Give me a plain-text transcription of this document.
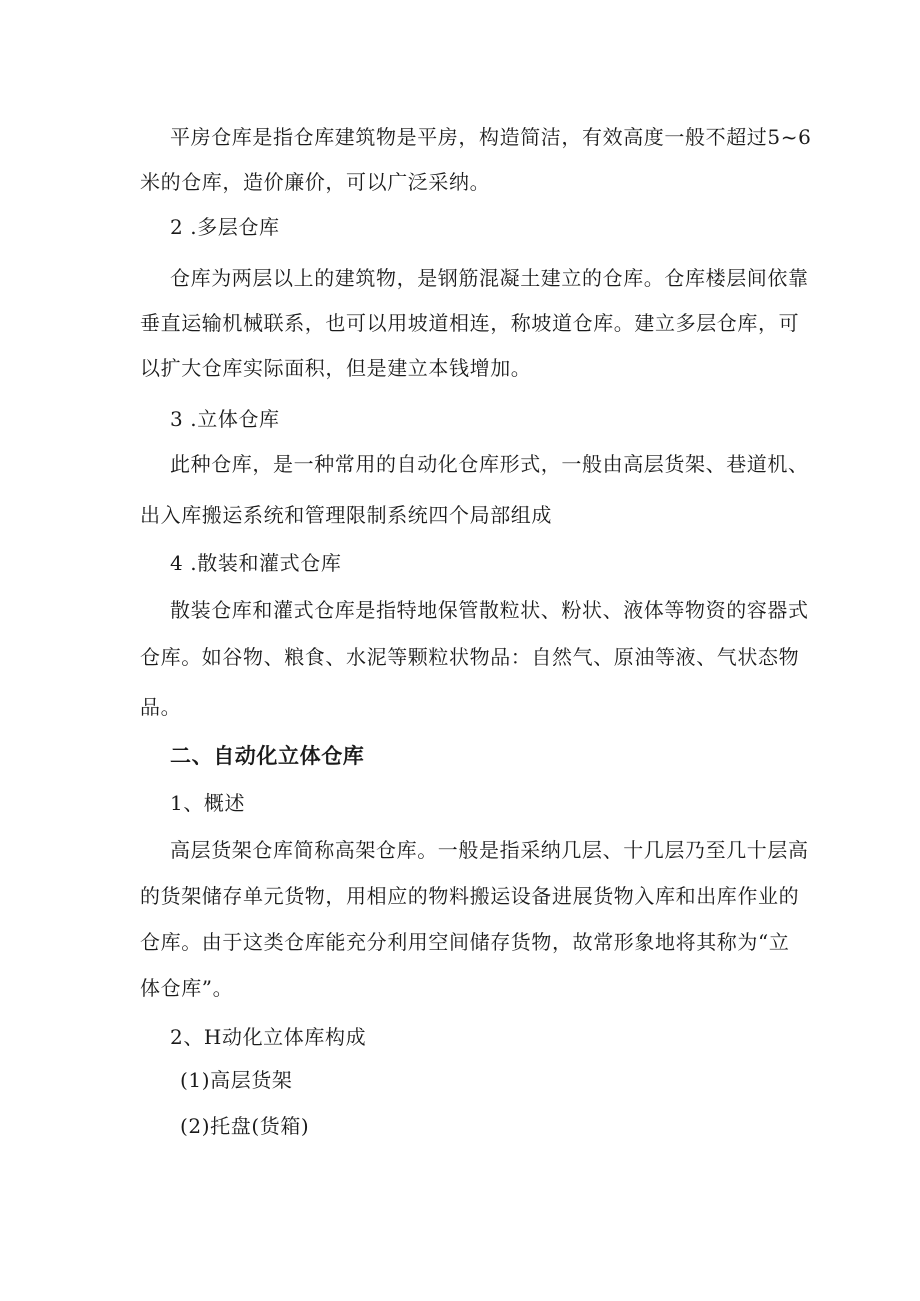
平房仓库是指仓库建筑物是平房，构造简洁，有效高度一般不超过5~6
米的仓库，造价廉价，可以广泛采纳。
2 .多层仓库
仓库为两层以上的建筑物，是钢筋混凝土建立的仓库。仓库楼层间依靠
垂直运输机械联系，也可以用坡道相连，称坡道仓库。建立多层仓库，可
以扩大仓库实际面积，但是建立本钱增加。
3 .立体仓库
此种仓库，是一种常用的自动化仓库形式，一般由高层货架、巷道机、
出入库搬运系统和管理限制系统四个局部组成
4 .散装和灌式仓库
散装仓库和灌式仓库是指特地保管散粒状、粉状、液体等物资的容器式
仓库。如谷物、粮食、水泥等颗粒状物品：自然气、原油等液、气状态物
品。
二、自动化立体仓库
1、概述
高层货架仓库简称高架仓库。一般是指采纳几层、十几层乃至几十层高
的货架储存单元货物，用相应的物料搬运设备进展货物入库和出库作业的
仓库。由于这类仓库能充分利用空间储存货物，故常形象地将其称为“立
体仓库”。
2、H动化立体库构成
(1)高层货架
(2)托盘(货箱)
